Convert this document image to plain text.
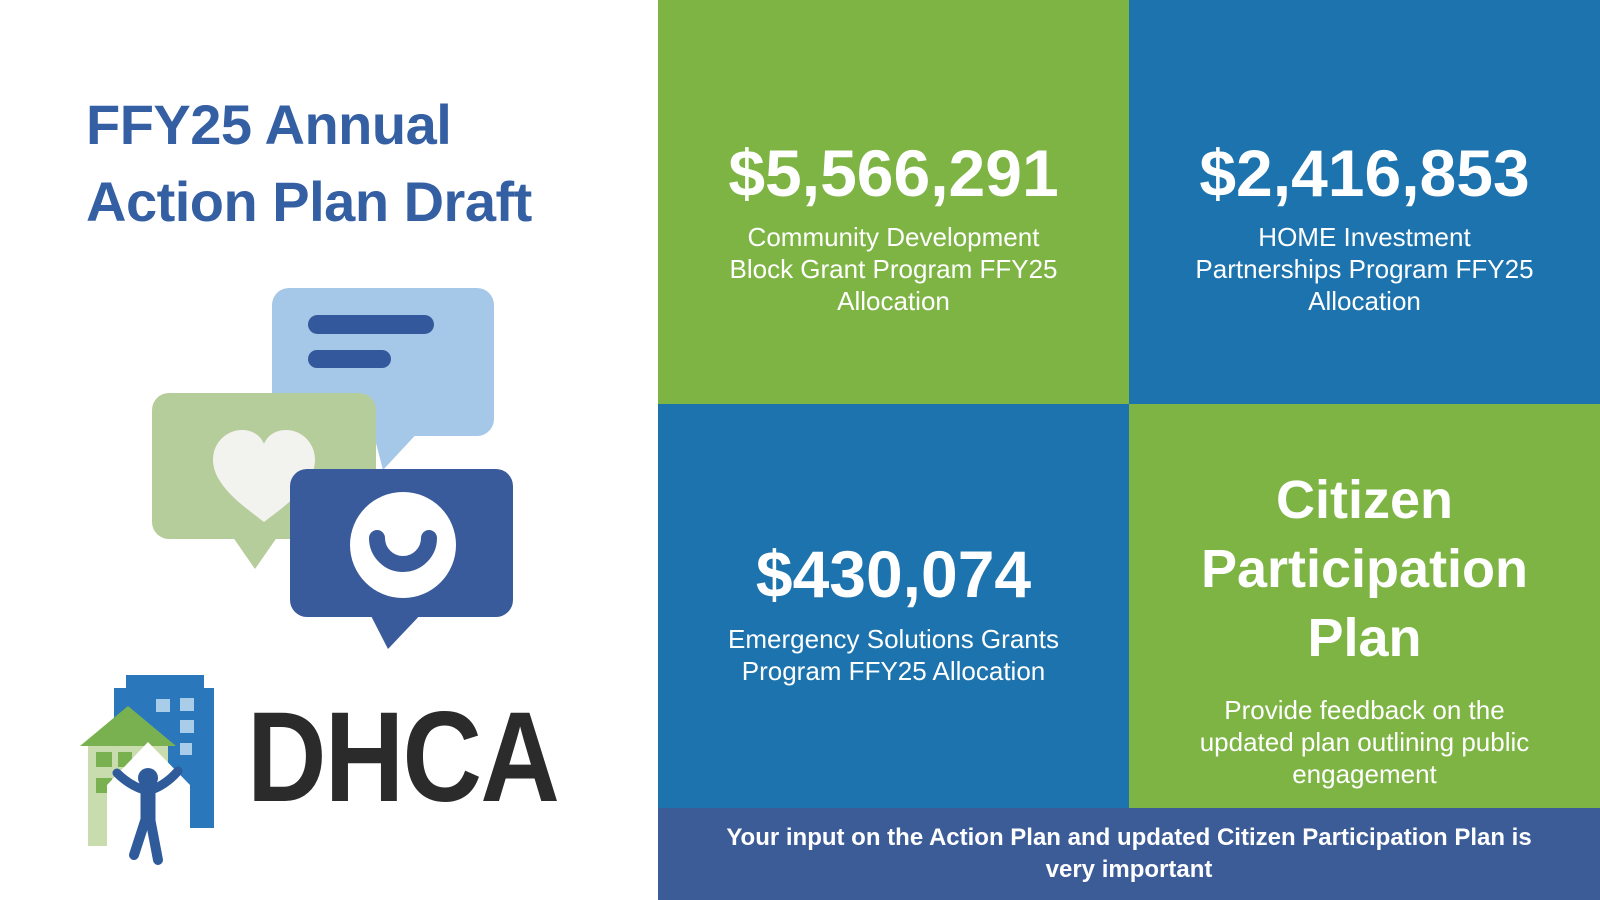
FFY25 Annual Action Plan Draft
DHCA
$5,566,291
Community Development Block Grant Program FFY25 Allocation
$2,416,853
HOME Investment Partnerships Program FFY25 Allocation
$430,074
Emergency Solutions Grants Program FFY25 Allocation
Citizen Participation Plan
Provide feedback on the updated plan outlining public engagement
Your input on the Action Plan and updated Citizen Participation Plan is very important
